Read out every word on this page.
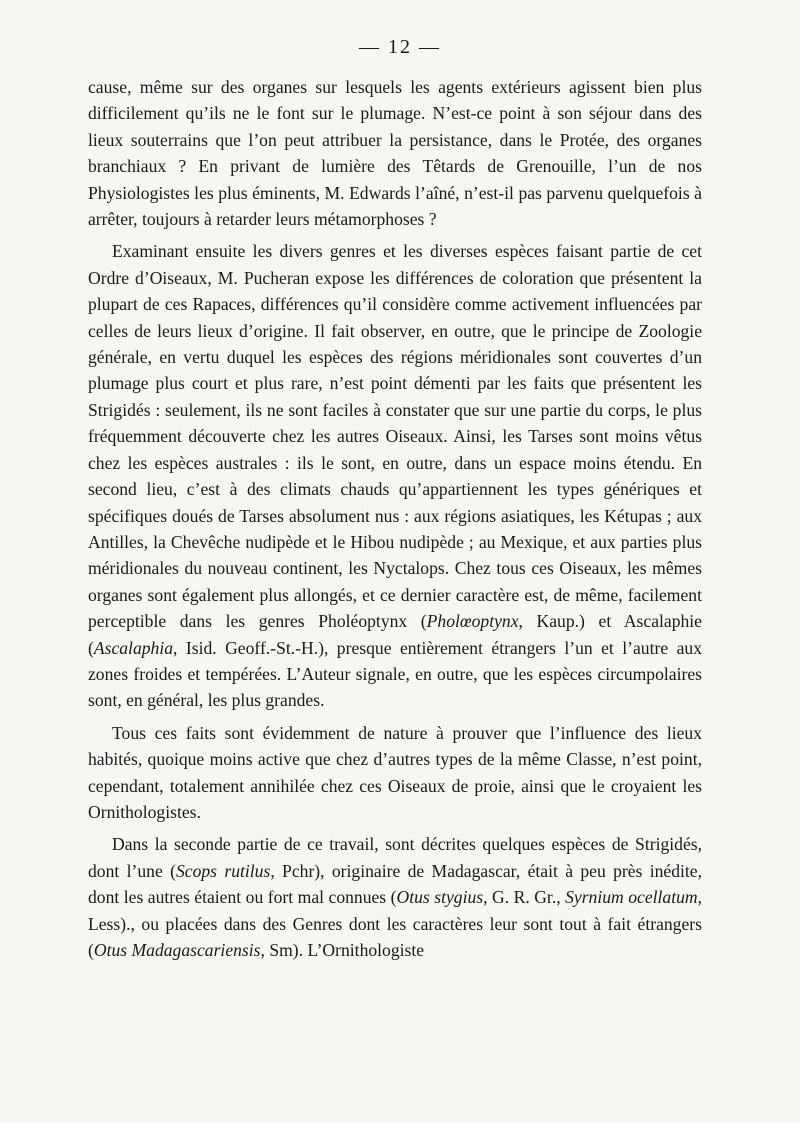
— 12 —

cause, même sur des organes sur lesquels les agents extérieurs agissent bien plus difficilement qu’ils ne le font sur le plumage. N’est-ce point à son séjour dans des lieux souterrains que l’on peut attribuer la persistance, dans le Protée, des organes branchiaux ? En privant de lumière des Têtards de Grenouille, l’un de nos Physiologistes les plus éminents, M. Edwards l’aîné, n’est-il pas parvenu quelquefois à arrêter, toujours à retarder leurs métamorphoses ?

Examinant ensuite les divers genres et les diverses espèces faisant partie de cet Ordre d’Oiseaux, M. Pucheran expose les différences de coloration que présentent la plupart de ces Rapaces, différences qu’il considère comme activement influencées par celles de leurs lieux d’origine. Il fait observer, en outre, que le principe de Zoologie générale, en vertu duquel les espèces des régions méridionales sont couvertes d’un plumage plus court et plus rare, n’est point démenti par les faits que présentent les Strigidés : seulement, ils ne sont faciles à constater que sur une partie du corps, le plus fréquemment découverte chez les autres Oiseaux. Ainsi, les Tarses sont moins vêtus chez les espèces australes : ils le sont, en outre, dans un espace moins étendu. En second lieu, c’est à des climats chauds qu’appartiennent les types génériques et spécifiques doués de Tarses absolument nus : aux régions asiatiques, les Kétupas ; aux Antilles, la Chevêche nudipède et le Hibou nudipède ; au Mexique, et aux parties plus méridionales du nouveau continent, les Nyctalops. Chez tous ces Oiseaux, les mêmes organes sont également plus allongés, et ce dernier caractère est, de même, facilement perceptible dans les genres Pholéoptynx (Pholœoptynx, Kaup.) et Ascalaphie (Ascalaphia, Isid. Geoff.-St.-H.), presque entièrement étrangers l’un et l’autre aux zones froides et tempérées. L’Auteur signale, en outre, que les espèces circumpolaires sont, en général, les plus grandes.

Tous ces faits sont évidemment de nature à prouver que l’influence des lieux habités, quoique moins active que chez d’autres types de la même Classe, n’est point, cependant, totalement annihilée chez ces Oiseaux de proie, ainsi que le croyaient les Ornithologistes.

Dans la seconde partie de ce travail, sont décrites quelques espèces de Strigidés, dont l’une (Scops rutilus, Pchr), originaire de Madagascar, était à peu près inédite, dont les autres étaient ou fort mal connues (Otus stygius, G. R. Gr., Syrnium ocellatum, Less)., ou placées dans des Genres dont les caractères leur sont tout à fait étrangers (Otus Madagascariensis, Sm). L’Ornithologiste
